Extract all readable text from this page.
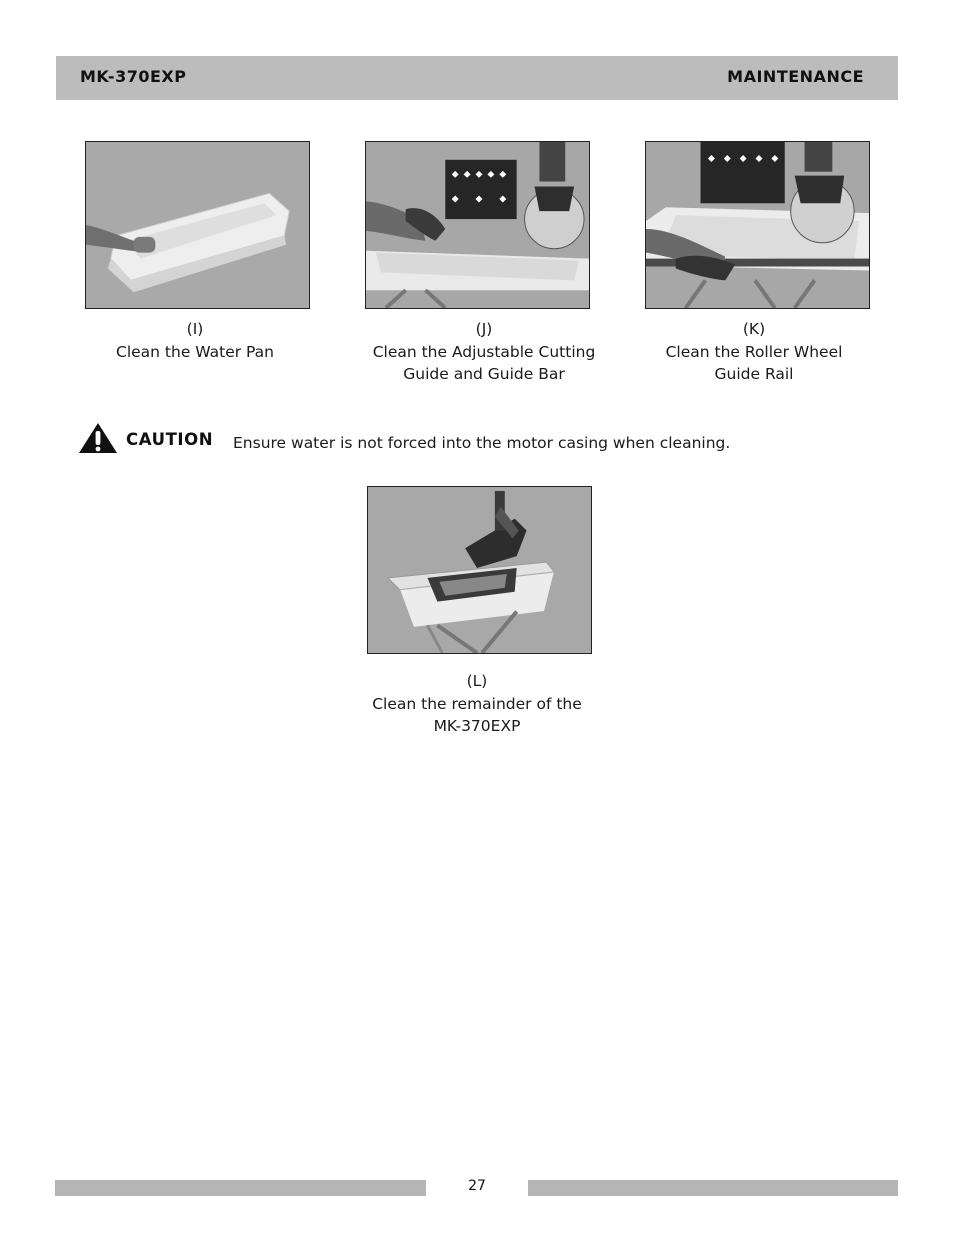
MK-370EXP	MAINTENANCE
(I)
Clean the Water Pan
(J)
Clean the Adjustable Cutting
Guide and Guide Bar
(K)
Clean the Roller Wheel
Guide Rail
CAUTION Ensure water is not forced into the motor casing when cleaning.
(L)
Clean the remainder of the
MK-370EXP
27
